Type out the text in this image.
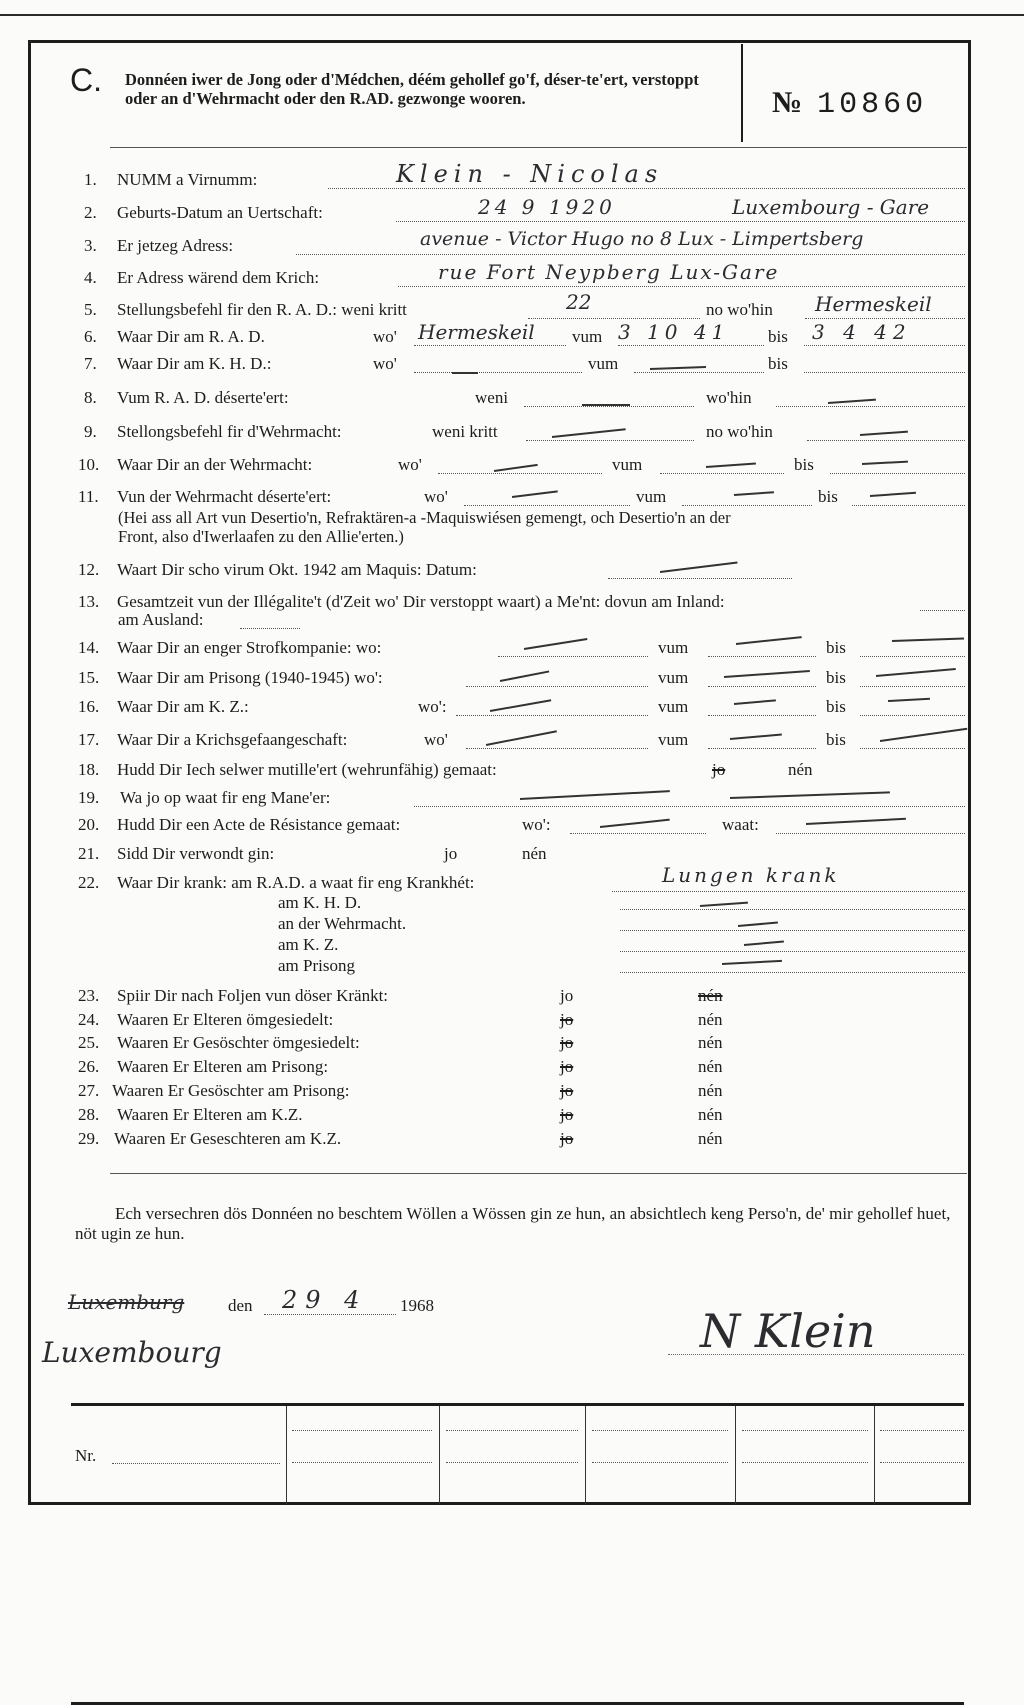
C. Donnéen iwer de Jong oder d'Médchen, déém gehollef go'f, déser-te'ert, verstoppt oder an d'Wehrmacht oder den R.AD. gezwonge wooren.	№ 10860
1. NUMM a Virnumm:	Klein - Nicolas
2. Geburts-Datum an Uertschaft:	24 9 1920	Luxembourg - Gare
3. Er jetzeg Adress:	avenue - Victor Hugo no 8 Lux - Limpertsberg
4. Er Adress wärend dem Krich:	rue Fort Neypberg Lux-Gare
5. Stellungsbefehl fir den R. A. D.: weni kritt	22	no wo'hin Hermeskeil
6. Waar Dir am R. A. D.	wo' Hermeskeil vum 3 10 41 bis 3 4 42
7. Waar Dir am K. H. D.:	wo'	vum	bis
8. Vum R. A. D. déserte'ert:	weni	wo'hin
9. Stellongsbefehl fir d'Wehrmacht:	weni kritt	no wo'hin
10. Waar Dir an der Wehrmacht:	wo'	vum	bis
11. Vun der Wehrmacht déserte'ert:	wo'	vum	bis
(Hei ass all Art vun Desertio'n, Refraktären-a -Maquiswiésen gemengt, och Desertio'n an der
Front, also d'Iwerlaafen zu den Allie'erten.)
12. Waart Dir scho virum Okt. 1942 am Maquis: Datum:
13. Gesamtzeit vun der Illégalite't (d'Zeit wo' Dir verstoppt waart) a Me'nt: dovun am Inland:
am Ausland:
14. Waar Dir an enger Strofkompanie: wo:	vum	bis
15. Waar Dir am Prisong (1940-1945) wo':	vum	bis
16. Waar Dir am K. Z.:	wo':	vum	bis
17. Waar Dir a Krichsgefaangeschaft:	wo'	vum	bis
18. Hudd Dir Iech selwer mutille'ert (wehrunfähig) gemaat:	jo	nén
19. Wa jo op waat fir eng Mane'er:
20. Hudd Dir een Acte de Résistance gemaat:	wo':	waat:
21. Sidd Dir verwondt gin:	jo	nén
22. Waar Dir krank: am R.A.D. a waat fir eng Krankhét:	Lungen krank
am K. H. D.
an der Wehrmacht.
am K. Z.
am Prisong
23. Spiir Dir nach Foljen vun döser Kränkt:	jo	nén
24. Waaren Er Elteren ömgesiedelt:	jo	nén
25. Waaren Er Gesöschter ömgesiedelt:	jo	nén
26. Waaren Er Elteren am Prisong:	jo	nén
27. Waaren Er Gesöschter am Prisong:	jo	nén
28. Waaren Er Elteren am K.Z.	jo	nén
29. Waaren Er Geseschteren am K.Z.	jo	nén
Ech versechren dös Donnéen no beschtem Wöllen a Wössen gin ze hun, an absichtlech keng Perso'n, de' mir gehollef huet, nöt ugin ze hun.
Luxemburg	den 29 4 1968
Luxembourg	N Klein
Nr.
